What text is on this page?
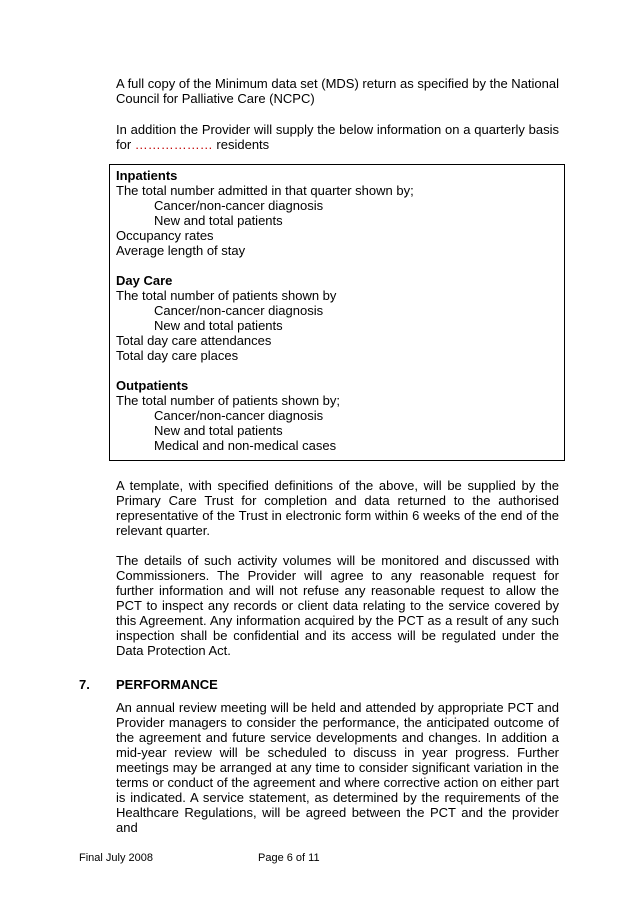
A full copy of the Minimum data set (MDS) return as specified by the National Council for Palliative Care (NCPC)

In addition the Provider will supply the below information on a quarterly basis for ……………… residents

Inpatients
The total number admitted in that quarter shown by;
Cancer/non-cancer diagnosis
New and total patients
Occupancy rates
Average length of stay
Day Care
The total number of patients shown by
Cancer/non-cancer diagnosis
New and total patients
Total day care attendances
Total day care places
Outpatients
The total number of patients shown by;
Cancer/non-cancer diagnosis
New and total patients
Medical and non-medical cases

A template, with specified definitions of the above, will be supplied by the Primary Care Trust for completion and data returned to the authorised representative of the Trust in electronic form within 6 weeks of the end of the relevant quarter.

The details of such activity volumes will be monitored and discussed with Commissioners. The Provider will agree to any reasonable request for further information and will not refuse any reasonable request to allow the PCT to inspect any records or client data relating to the service covered by this Agreement. Any information acquired by the PCT as a result of any such inspection shall be confidential and its access will be regulated under the Data Protection Act.

7. PERFORMANCE

An annual review meeting will be held and attended by appropriate PCT and Provider managers to consider the performance, the anticipated outcome of the agreement and future service developments and changes. In addition a mid-year review will be scheduled to discuss in year progress. Further meetings may be arranged at any time to consider significant variation in the terms or conduct of the agreement and where corrective action on either part is indicated. A service statement, as determined by the requirements of the Healthcare Regulations, will be agreed between the PCT and the provider and

Final July 2008	Page 6 of 11
